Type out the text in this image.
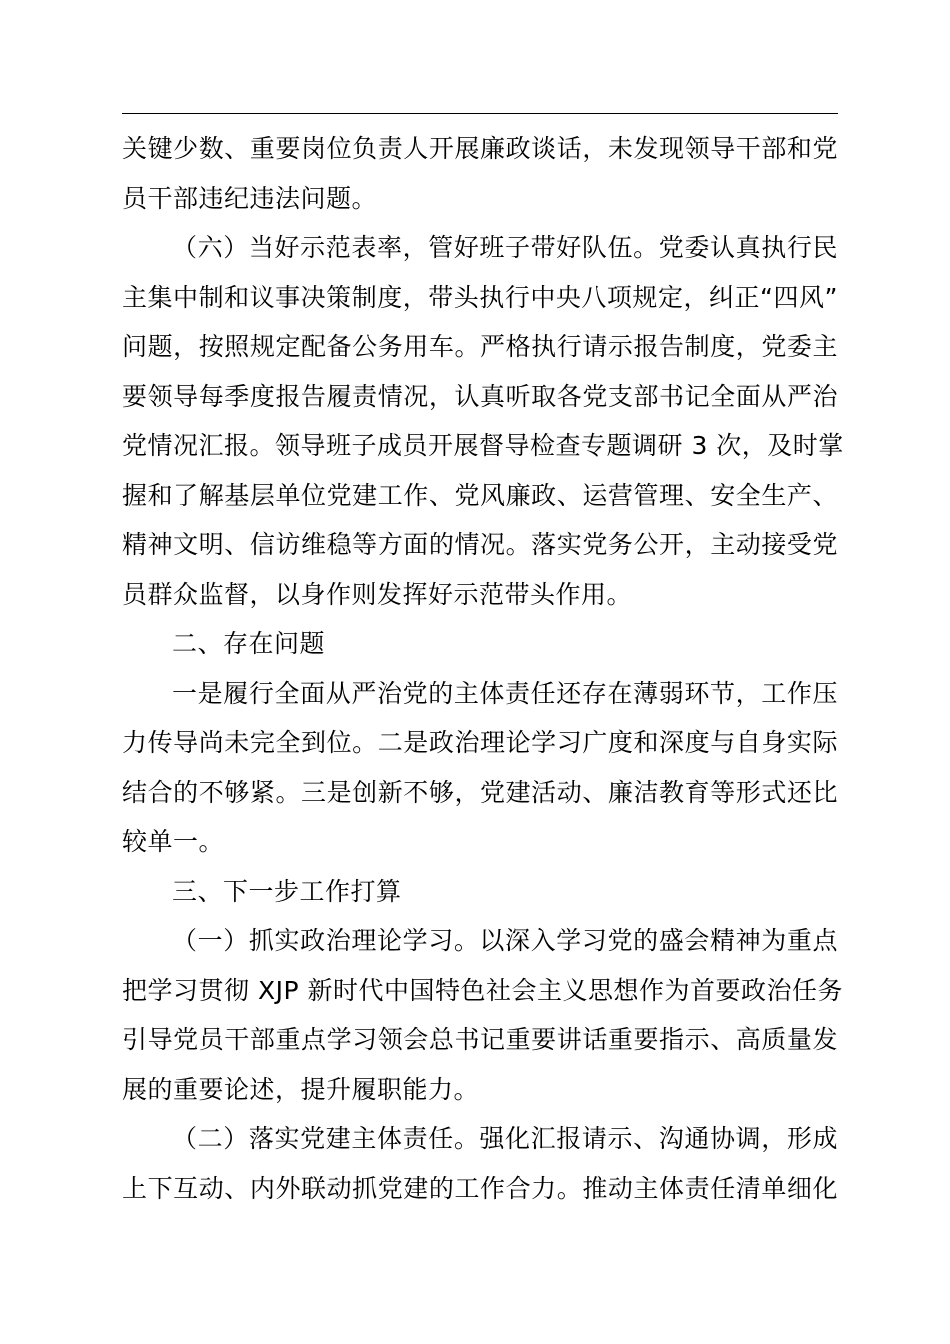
关键少数、重要岗位负责人开展廉政谈话，未发现领导干部和党
员干部违纪违法问题。

（六）当好示范表率，管好班子带好队伍。党委认真执行民
主集中制和议事决策制度，带头执行中央八项规定，纠正“四风”
问题，按照规定配备公务用车。严格执行请示报告制度，党委主
要领导每季度报告履责情况，认真听取各党支部书记全面从严治
党情况汇报。领导班子成员开展督导检查专题调研 3 次，及时掌
握和了解基层单位党建工作、党风廉政、运营管理、安全生产、
精神文明、信访维稳等方面的情况。落实党务公开，主动接受党
员群众监督，以身作则发挥好示范带头作用。

二、存在问题

一是履行全面从严治党的主体责任还存在薄弱环节，工作压
力传导尚未完全到位。二是政治理论学习广度和深度与自身实际
结合的不够紧。三是创新不够，党建活动、廉洁教育等形式还比
较单一。

三、下一步工作打算

（一）抓实政治理论学习。以深入学习党的盛会精神为重点
把学习贯彻 XJP 新时代中国特色社会主义思想作为首要政治任务
引导党员干部重点学习领会总书记重要讲话重要指示、高质量发
展的重要论述，提升履职能力。

（二）落实党建主体责任。强化汇报请示、沟通协调，形成
上下互动、内外联动抓党建的工作合力。推动主体责任清单细化
